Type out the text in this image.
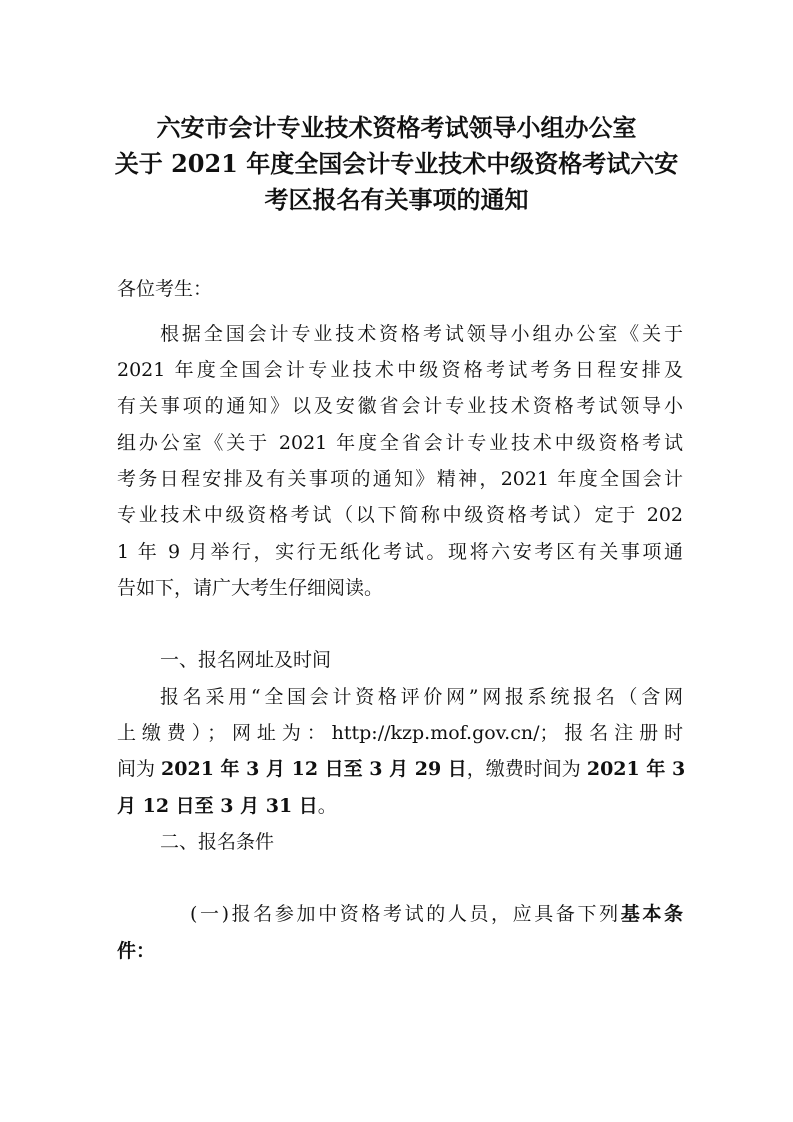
六安市会计专业技术资格考试领导小组办公室
关于 2021 年度全国会计专业技术中级资格考试六安
考区报名有关事项的通知
各位考生：
根据全国会计专业技术资格考试领导小组办公室《关于
2021 年度全国会计专业技术中级资格考试考务日程安排及
有关事项的通知》以及安徽省会计专业技术资格考试领导小
组办公室《关于 2021 年度全省会计专业技术中级资格考试
考务日程安排及有关事项的通知》精神，2021 年度全国会计
专业技术中级资格考试（以下简称中级资格考试）定于 202
1 年 9 月举行，实行无纸化考试。现将六安考区有关事项通
告如下，请广大考生仔细阅读。
一、报名网址及时间
报名采用“全国会计资格评价网”网报系统报名（含网
上缴费）；网址为：http://kzp.mof.gov.cn/；报名注册时
间为 2021 年 3 月 12 日至 3 月 29 日，缴费时间为 2021 年 3
月 12 日至 3 月 31 日。
二、报名条件
(一)报名参加中资格考试的人员，应具备下列基本条
件：
